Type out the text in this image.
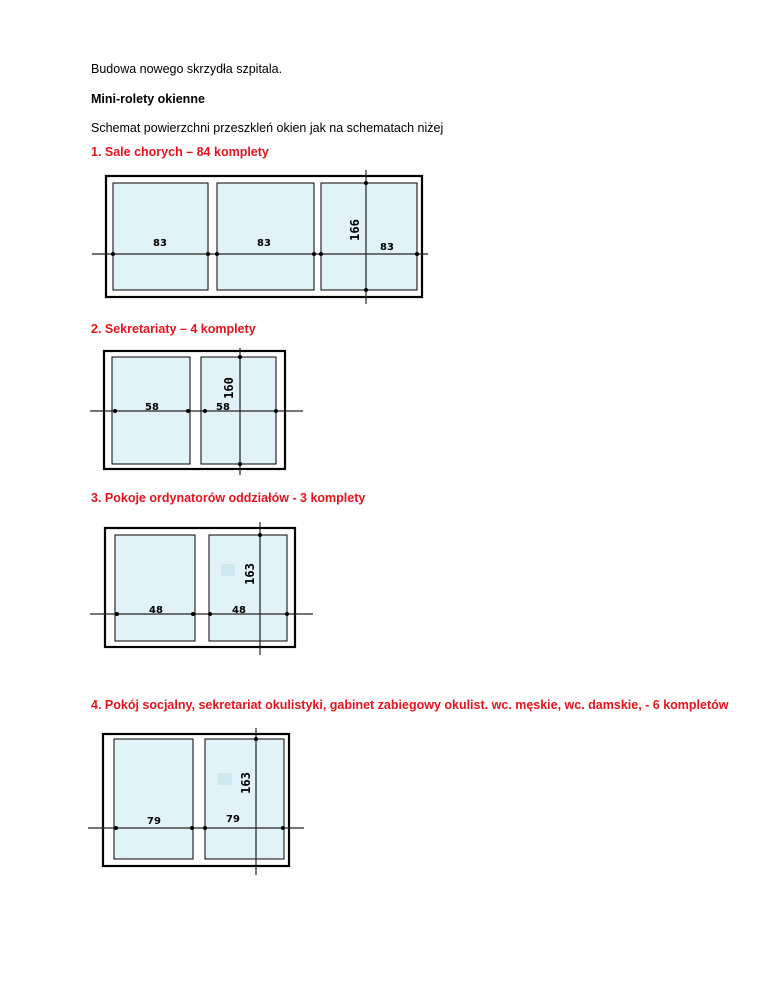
Budowa nowego skrzydła szpitala.
Mini-rolety okienne
Schemat powierzchni przeszkleń okien jak na schematach niżej
1. Sale chorych – 84 komplety
83	83	83
166
2. Sekretariaty – 4 komplety
58	58
160
3. Pokoje ordynatorów oddziałów - 3 komplety
48	48
163
4. Pokój socjalny, sekretariat okulistyki, gabinet zabiegowy okulist. wc. męskie, wc. damskie, - 6 kompletów
79	79
163
